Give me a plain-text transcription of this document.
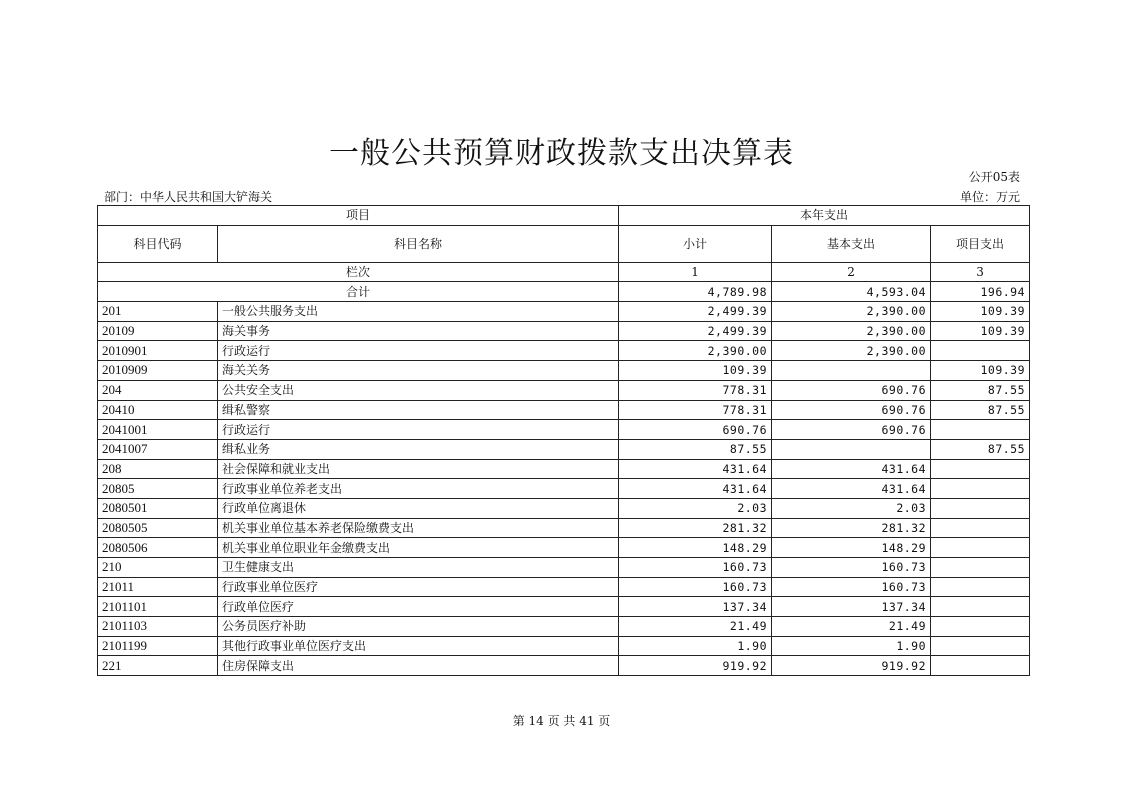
一般公共预算财政拨款支出决算表
公开05表
部门：中华人民共和国大铲海关	单位：万元
项目		本年支出		
科目代码	科目名称	小计	基本支出	项目支出
栏次		1	2	3
合计		4,789.98	4,593.04	196.94
201	一般公共服务支出	2,499.39	2,390.00	109.39
20109	海关事务	2,499.39	2,390.00	109.39
2010901	行政运行	2,390.00	2,390.00	
2010909	海关关务	109.39		109.39
204	公共安全支出	778.31	690.76	87.55
20410	缉私警察	778.31	690.76	87.55
2041001	行政运行	690.76	690.76	
2041007	缉私业务	87.55		87.55
208	社会保障和就业支出	431.64	431.64	
20805	行政事业单位养老支出	431.64	431.64	
2080501	行政单位离退休	2.03	2.03	
2080505	机关事业单位基本养老保险缴费支出	281.32	281.32	
2080506	机关事业单位职业年金缴费支出	148.29	148.29	
210	卫生健康支出	160.73	160.73	
21011	行政事业单位医疗	160.73	160.73	
2101101	行政单位医疗	137.34	137.34	
2101103	公务员医疗补助	21.49	21.49	
2101199	其他行政事业单位医疗支出	1.90	1.90	
221	住房保障支出	919.92	919.92	
第 14 页 共 41 页
